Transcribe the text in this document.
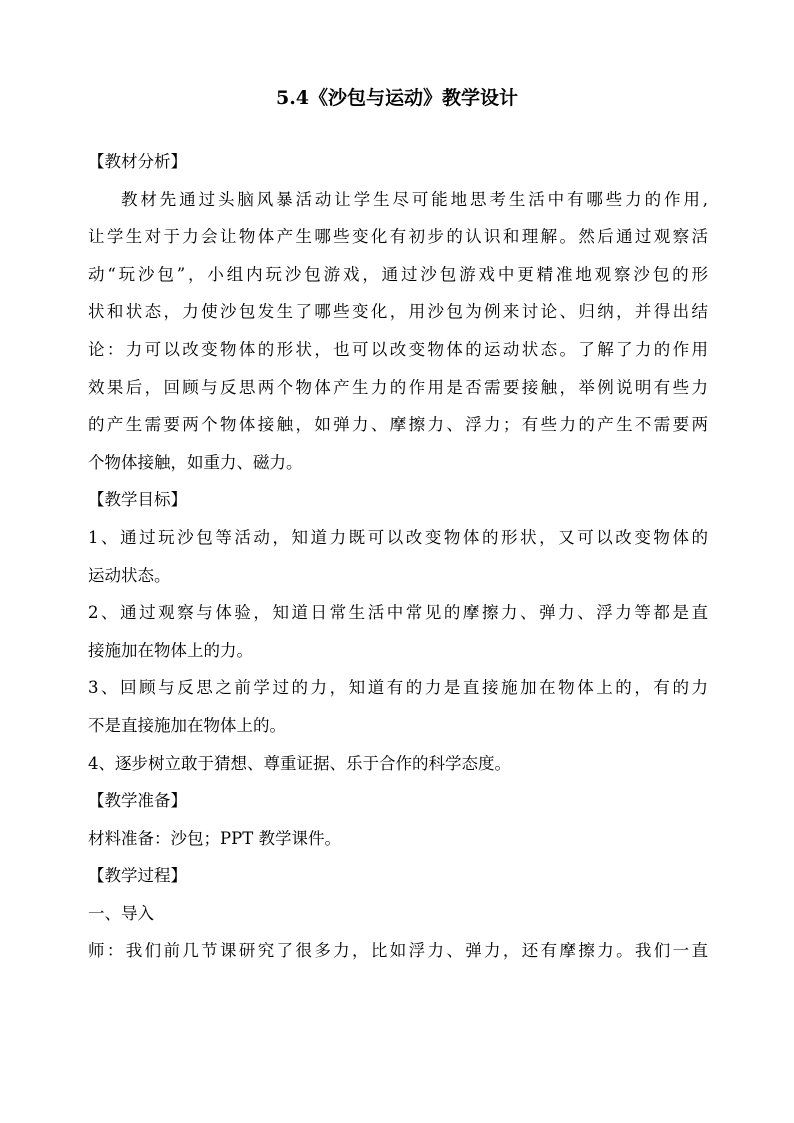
5.4《沙包与运动》教学设计
【教材分析】
教材先通过头脑风暴活动让学生尽可能地思考生活中有哪些力的作用,
让学生对于力会让物体产生哪些变化有初步的认识和理解。然后通过观察活
动“玩沙包”，小组内玩沙包游戏，通过沙包游戏中更精准地观察沙包的形
状和状态，力使沙包发生了哪些变化，用沙包为例来讨论、归纳，并得出结
论：力可以改变物体的形状，也可以改变物体的运动状态。了解了力的作用
效果后，回顾与反思两个物体产生力的作用是否需要接触，举例说明有些力
的产生需要两个物体接触，如弹力、摩擦力、浮力；有些力的产生不需要两
个物体接触，如重力、磁力。
【教学目标】
1、通过玩沙包等活动，知道力既可以改变物体的形状，又可以改变物体的
运动状态。
2、通过观察与体验，知道日常生活中常见的摩擦力、弹力、浮力等都是直
接施加在物体上的力。
3、回顾与反思之前学过的力，知道有的力是直接施加在物体上的，有的力
不是直接施加在物体上的。
4、逐步树立敢于猜想、尊重证据、乐于合作的科学态度。
【教学准备】
材料准备：沙包；PPT 教学课件。
【教学过程】
一、导入
师：我们前几节课研究了很多力，比如浮力、弹力，还有摩擦力。我们一直
